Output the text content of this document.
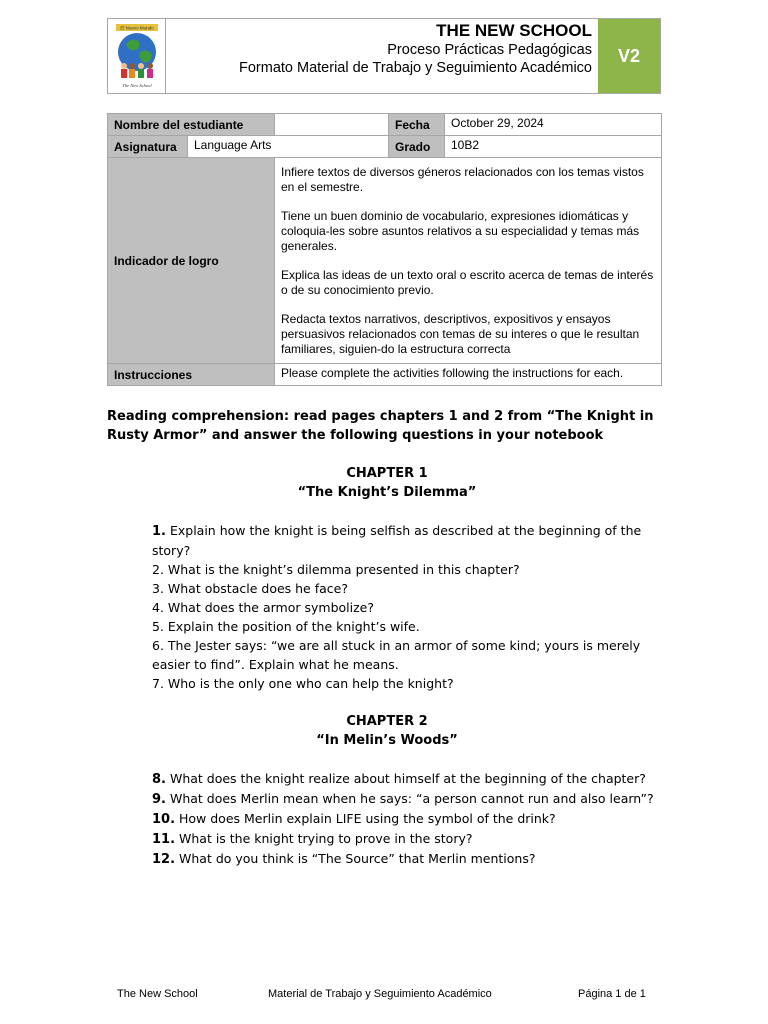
El Nuevo Mundo
The New School
THE NEW SCHOOL
Proceso Prácticas Pedagógicas
Formato Material de Trabajo y Seguimiento Académico
V2
Nombre del estudiante			Fecha	October 29, 2024
Asignatura	Language Arts		Grado	10B2
Indicador de logro		Infiere textos de diversos géneros relacionados con los temas vistos en el semestre.

Tiene un buen dominio de vocabulario, expresiones idiomáticas y coloquia-les sobre asuntos relativos a su especialidad y temas más generales.

Explica las ideas de un texto oral o escrito acerca de temas de interés o de su conocimiento previo.

Redacta textos narrativos, descriptivos, expositivos y ensayos persuasivos relacionados con temas de su interes o que le resultan familiares, siguien-do la estructura correcta		

Instrucciones		Please complete the activities following the instructions for each.		
Reading comprehension: read pages chapters 1 and 2 from “The Knight in Rusty Armor” and answer the following questions in your notebook
CHAPTER 1
“The Knight’s Dilemma”
1. Explain how the knight is being selfish as described at the beginning of the story?
2. What is the knight’s dilemma presented in this chapter?
3. What obstacle does he face?
4. What does the armor symbolize?
5. Explain the position of the knight’s wife.
6. The Jester says: “we are all stuck in an armor of some kind; yours is merely easier to find”. Explain what he means.
7. Who is the only one who can help the knight?
CHAPTER 2
“In Melin’s Woods”
8. What does the knight realize about himself at the beginning of the chapter?
9. What does Merlin mean when he says: “a person cannot run and also learn”?
10. How does Merlin explain LIFE using the symbol of the drink?
11. What is the knight trying to prove in the story?
12. What do you think is “The Source” that Merlin mentions?
The New School	Material de Trabajo y Seguimiento Académico	Página 1 de 1
